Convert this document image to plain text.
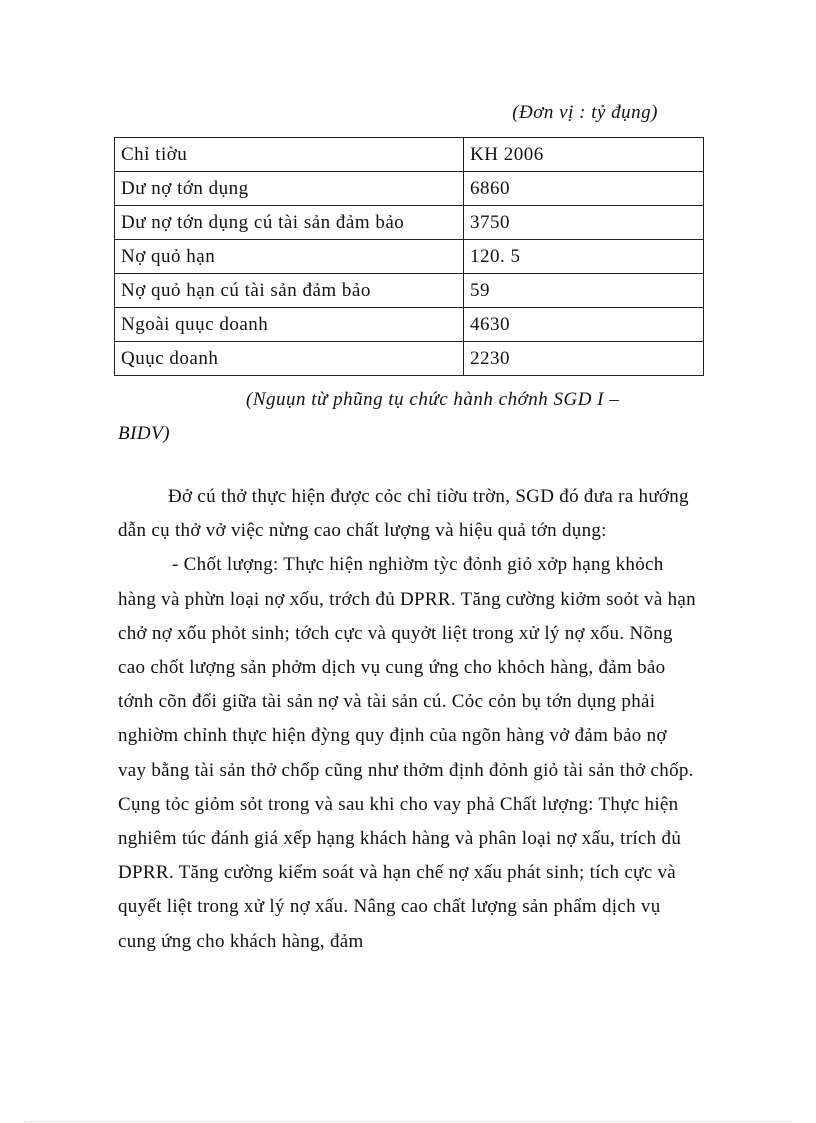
(Đơn vị : tỷ đụng)
Chỉ tiờu	KH 2006
Dư nợ tớn dụng	6860
Dư nợ tớn dụng cú tài sản đảm bảo	3750
Nợ quỏ hạn	120. 5
Nợ quỏ hạn cú tài sản đảm bảo	59
Ngoài quục doanh	4630
Quục doanh	2230
(Nguụn từ phũng tụ chức hành chớnh SGD I – BIDV)

Đở cú thở thực hiện được cỏc chỉ tiờu trờn, SGD đó đưa ra hướng dẫn cụ thở vở việc nừng cao chất lượng và hiệu quả tớn dụng:

- Chốt lượng: Thực hiện nghiờm tỳc đỏnh giỏ xởp hạng khỏch hàng và phừn loại nợ xốu, trớch đủ DPRR. Tăng cường kiởm soỏt và hạn chở nợ xốu phỏt sinh; tớch cực và quyởt liệt trong xử lý nợ xốu. Nõng cao chốt lượng sản phởm dịch vụ cung ứng cho khỏch hàng, đảm bảo tớnh cõn đối giữa tài sản nợ và tài sản cú. Cỏc cỏn bụ tớn dụng phải nghiờm chỉnh thực hiện đỳng quy định của ngõn hàng vở đảm bảo nợ vay bằng tài sản thở chốp cũng như thởm định đỏnh giỏ tài sản thở chốp. Cụng tỏc giỏm sỏt trong và sau khi cho vay phả Chất lượng: Thực hiện nghiêm túc đánh giá xếp hạng khách hàng và phân loại nợ xấu, trích đủ DPRR. Tăng cường kiểm soát và hạn chế nợ xấu phát sinh; tích cực và quyết liệt trong xử lý nợ xấu. Nâng cao chất lượng sản phẩm dịch vụ cung ứng cho khách hàng, đảm
